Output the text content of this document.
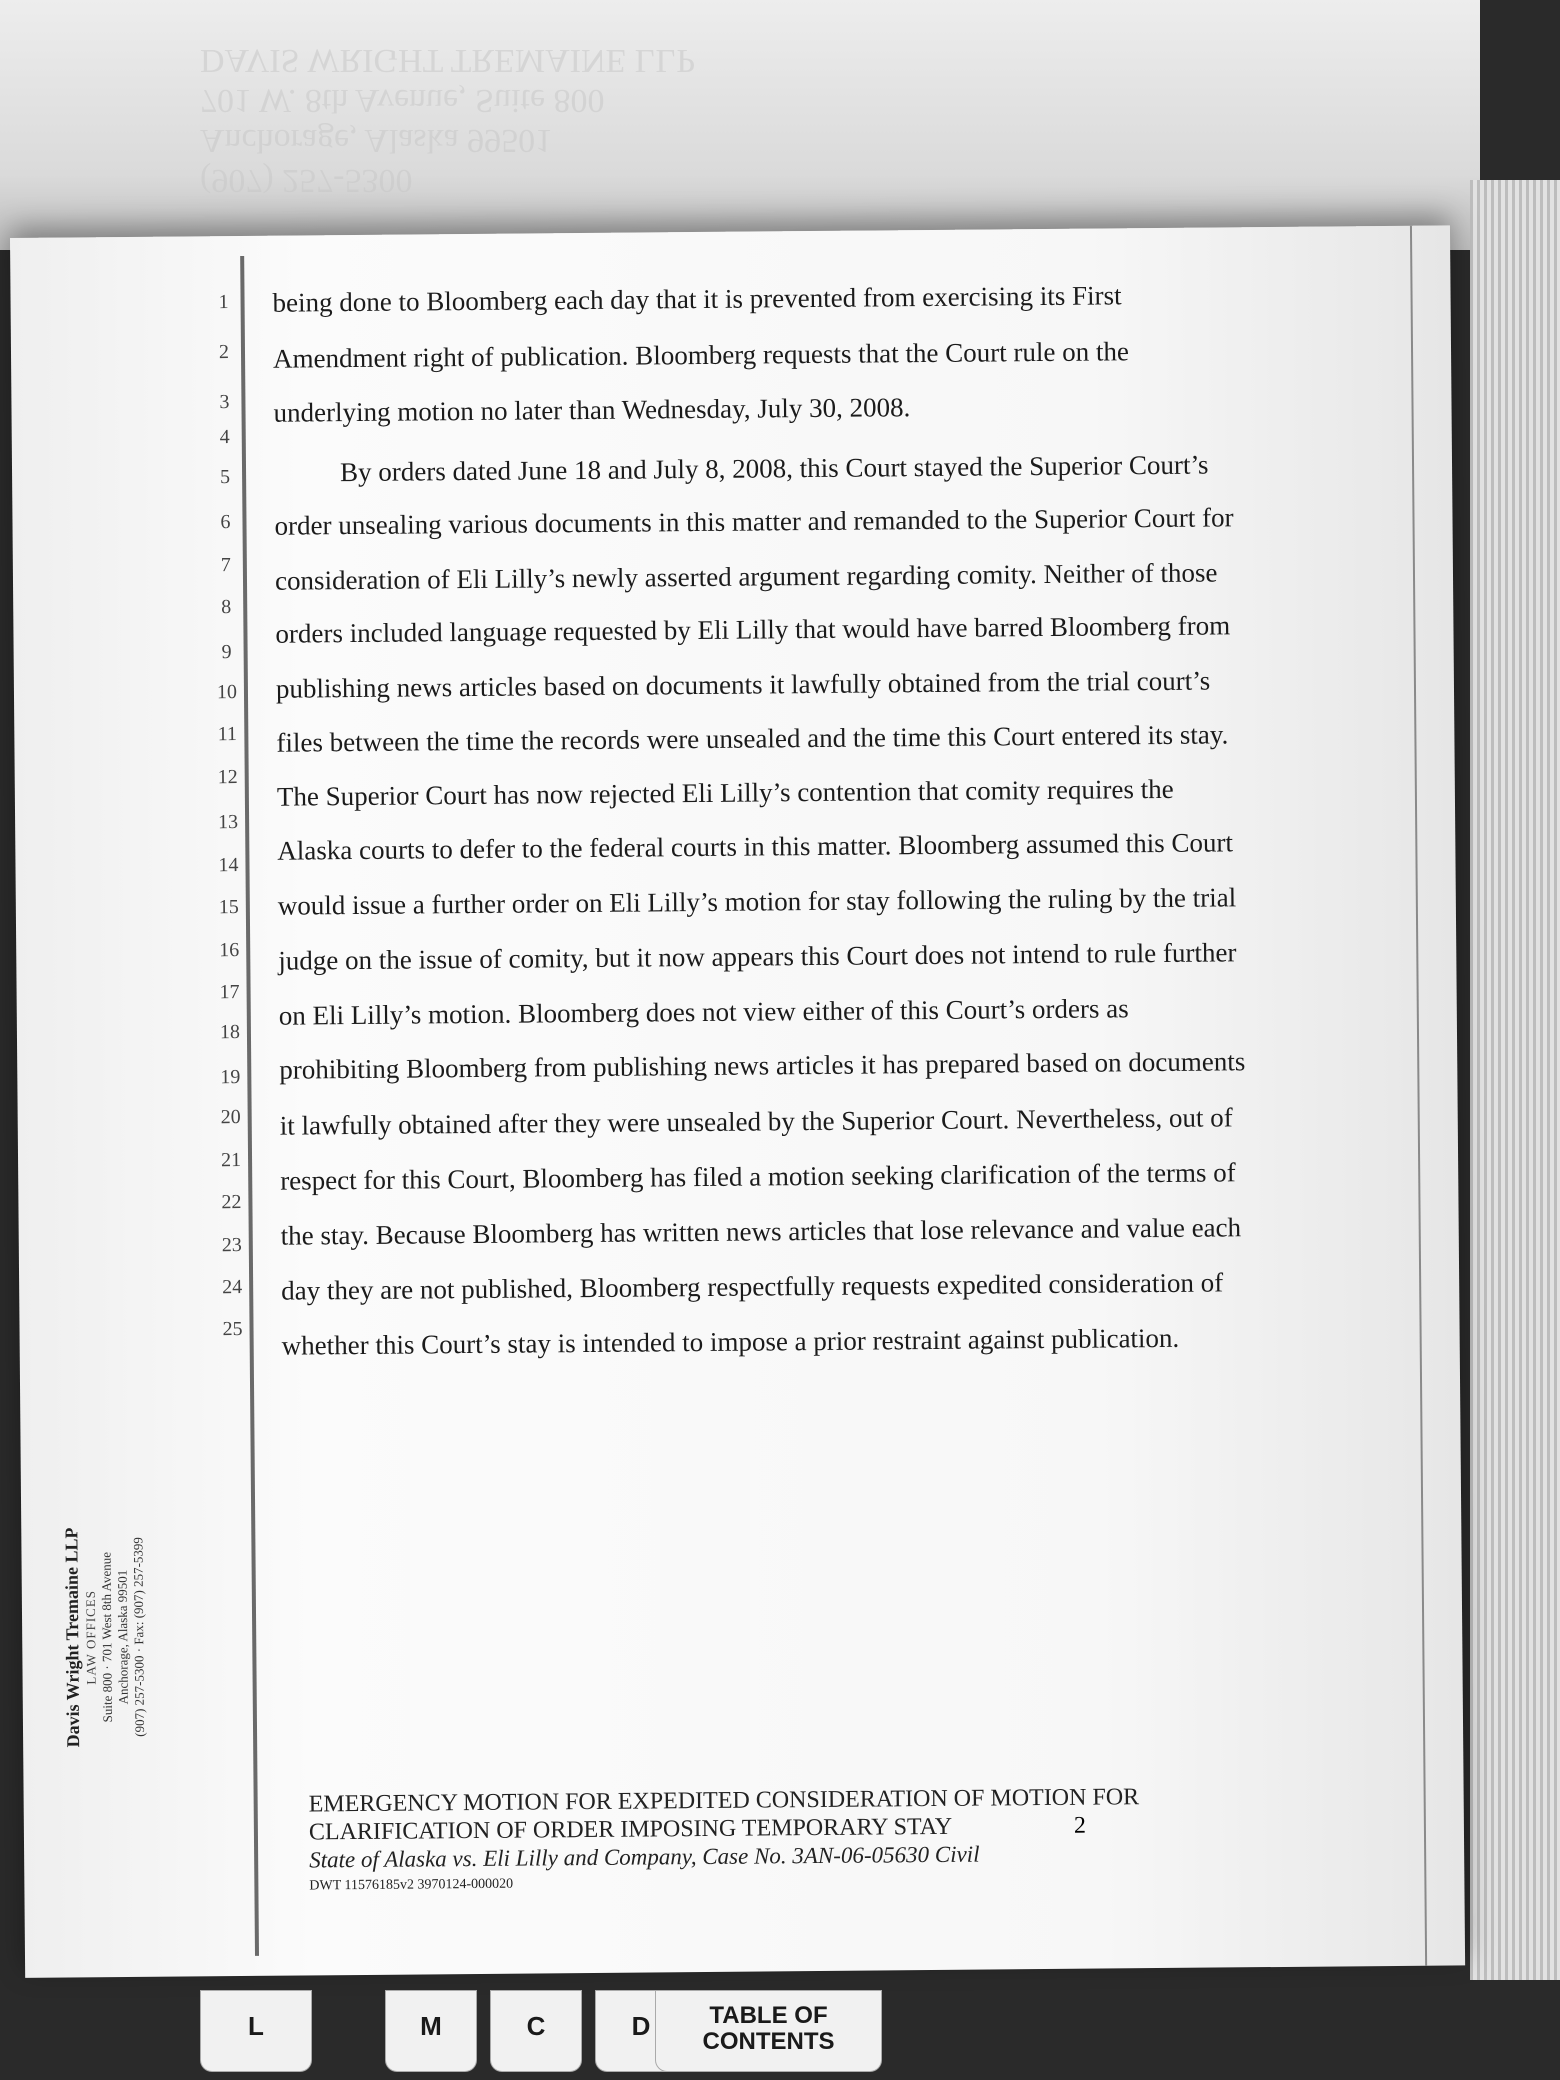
(907) 257-5300
Anchorage, Alaska 99501
701 W. 8th Avenue, Suite 800
DAVIS WRIGHT TREMAINE LLP
1
2
3
4
5
6
7
8
9
10
11
12
13
14
15
16
17
18
19
20
21
22
23
24
25
being done to Bloomberg each day that it is prevented from exercising its First
Amendment right of publication. Bloomberg requests that the Court rule on the
underlying motion no later than Wednesday, July 30, 2008.
By orders dated June 18 and July 8, 2008, this Court stayed the Superior Court’s
order unsealing various documents in this matter and remanded to the Superior Court for
consideration of Eli Lilly’s newly asserted argument regarding comity. Neither of those
orders included language requested by Eli Lilly that would have barred Bloomberg from
publishing news articles based on documents it lawfully obtained from the trial court’s
files between the time the records were unsealed and the time this Court entered its stay.
The Superior Court has now rejected Eli Lilly’s contention that comity requires the
Alaska courts to defer to the federal courts in this matter. Bloomberg assumed this Court
would issue a further order on Eli Lilly’s motion for stay following the ruling by the trial
judge on the issue of comity, but it now appears this Court does not intend to rule further
on Eli Lilly’s motion. Bloomberg does not view either of this Court’s orders as
prohibiting Bloomberg from publishing news articles it has prepared based on documents
it lawfully obtained after they were unsealed by the Superior Court. Nevertheless, out of
respect for this Court, Bloomberg has filed a motion seeking clarification of the terms of
the stay. Because Bloomberg has written news articles that lose relevance and value each
day they are not published, Bloomberg respectfully requests expedited consideration of
whether this Court’s stay is intended to impose a prior restraint against publication.
Davis Wright Tremaine LLP LAW OFFICES Suite 800 · 701 West 8th Avenue Anchorage, Alaska 99501 (907) 257-5300 · Fax: (907) 257-5399
EMERGENCY MOTION FOR EXPEDITED CONSIDERATION OF MOTION FOR
CLARIFICATION OF ORDER IMPOSING TEMPORARY STAY
State of Alaska vs. Eli Lilly and Company, Case No. 3AN-06-05630 Civil
DWT 11576185v2 3970124-000020
2
L	M	C	D	TABLE OF
CONTENTS
